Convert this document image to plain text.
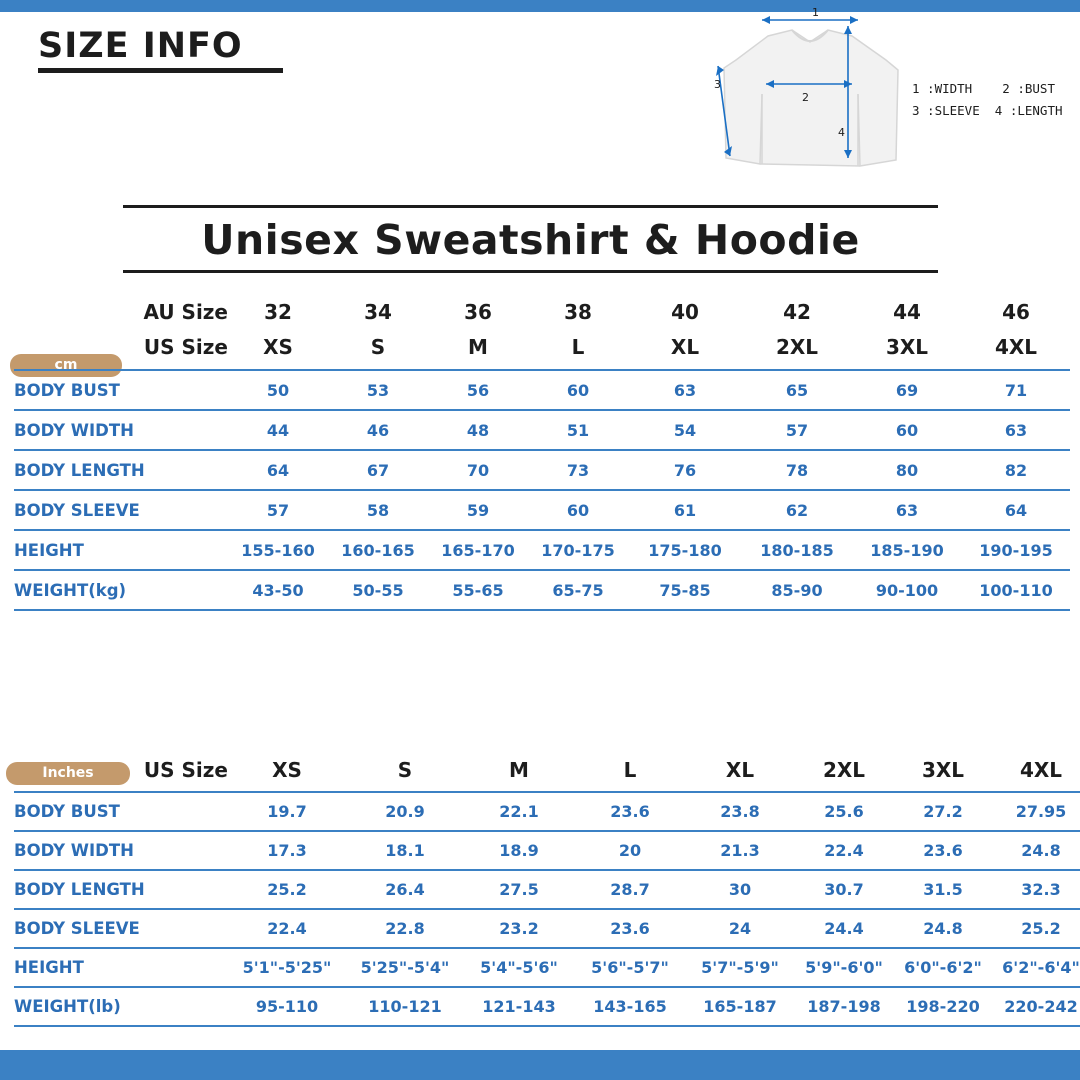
SIZE INFO
1
2
3
4
1 :WIDTH    2 :BUST
3 :SLEEVE  4 :LENGTH
Unisex Sweatshirt & Hoodie
cm
AU Size	32	34	36	38	40	42	44	46
US Size	XS	S	M	L	XL	2XL	3XL	4XL
BODY BUST	50	53	56	60	63	65	69	71
BODY WIDTH	44	46	48	51	54	57	60	63
BODY LENGTH	64	67	70	73	76	78	80	82
BODY SLEEVE	57	58	59	60	61	62	63	64
HEIGHT	155-160	160-165	165-170	170-175	175-180	180-185	185-190	190-195
WEIGHT(kg)	43-50	50-55	55-65	65-75	75-85	85-90	90-100	100-110
Inches	US Size	XS	S	M	L	XL	2XL	3XL	4XL
BODY BUST	19.7	20.9	22.1	23.6	23.8	25.6	27.2	27.95
BODY WIDTH	17.3	18.1	18.9	20	21.3	22.4	23.6	24.8
BODY LENGTH	25.2	26.4	27.5	28.7	30	30.7	31.5	32.3
BODY SLEEVE	22.4	22.8	23.2	23.6	24	24.4	24.8	25.2
HEIGHT	5'1"-5'25"	5'25"-5'4"	5'4"-5'6"	5'6"-5'7"	5'7"-5'9"	5'9"-6'0"	6'0"-6'2"	6'2"-6'4"
WEIGHT(lb)	95-110	110-121	121-143	143-165	165-187	187-198	198-220	220-242
